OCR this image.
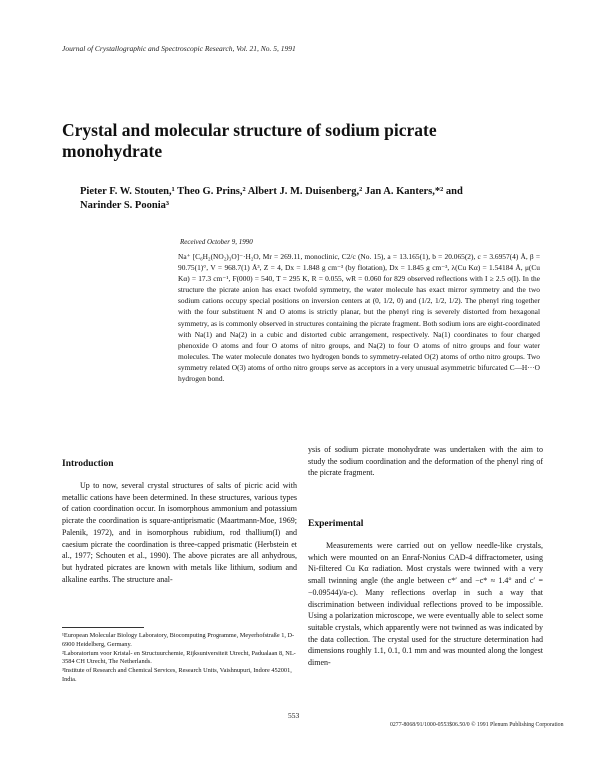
Journal of Crystallographic and Spectroscopic Research, Vol. 21, No. 5, 1991
Crystal and molecular structure of sodium picrate monohydrate
Pieter F. W. Stouten,¹ Theo G. Prins,² Albert J. M. Duisenberg,² Jan A. Kanters,*² and
Narinder S. Poonia³
Received October 9, 1990
Na⁺ [C₆H₂(NO₂)₃O]⁻·H₂O, Mr = 269.11, monoclinic, C2/c (No. 15), a = 13.165(1), b = 20.065(2), c = 3.6957(4) Å, β = 90.75(1)°, V = 968.7(1) Å³, Z = 4, Dx = 1.848 g cm⁻³ (by flotation), Dx = 1.845 g cm⁻³, λ(Cu Kα) = 1.54184 Å, μ(Cu Kα) = 17.3 cm⁻¹, F(000) = 540, T = 295 K, R = 0.055, wR = 0.060 for 829 observed reflections with I ≥ 2.5 σ(I). In the structure the picrate anion has exact twofold symmetry, the water molecule has exact mirror symmetry and the two sodium cations occupy special positions on inversion centers at (0, 1/2, 0) and (1/2, 1/2, 1/2). The phenyl ring together with the four substituent N and O atoms is strictly planar, but the phenyl ring is severely distorted from hexagonal symmetry, as is commonly observed in structures containing the picrate fragment. Both sodium ions are eight-coordinated with Na(1) and Na(2) in a cubic and distorted cubic arrangement, respectively. Na(1) coordinates to four charged phenoxide O atoms and four O atoms of nitro groups, and Na(2) to four O atoms of nitro groups and four water molecules. The water molecule donates two hydrogen bonds to symmetry-related O(2) atoms of ortho nitro groups. Two symmetry related O(3) atoms of ortho nitro groups serve as acceptors in a very unusual asymmetric bifurcated C—H···O hydrogen bond.
Introduction

Up to now, several crystal structures of salts of picric acid with metallic cations have been determined. In these structures, various types of cation coordination occur. In isomorphous ammonium and potassium picrate the coordination is square-antiprismatic (Maartmann-Moe, 1969; Palenik, 1972), and in isomorphous rubidium, rod thallium(I) and caesium picrate the coordination is three-capped prismatic (Herbstein et al., 1977; Schouten et al., 1990). The above picrates are all anhydrous, but hydrated picrates are known with metals like lithium, sodium and alkaline earths. The structure anal-

ysis of sodium picrate monohydrate was undertaken with the aim to study the sodium coordination and the deformation of the phenyl ring of the picrate fragment.

Experimental

Measurements were carried out on yellow needle-like crystals, which were mounted on an Enraf-Nonius CAD-4 diffractometer, using Ni-filtered Cu Kα radiation. Most crystals were twinned with a very small twinning angle (the angle between c*′ and −c* ≈ 1.4° and c′ = −0.09544)/a-c). Many reflections overlap in such a way that discrimination between individual reflections proved to be impossible. Using a polarization microscope, we were eventually able to select some suitable crystals, which apparently were not twinned as was indicated by the data collection. The crystal used for the structure determination had dimensions roughly 1.1, 0.1, 0.1 mm and was mounted along the longest dimen-

¹European Molecular Biology Laboratory, Biocomputing Programme, Meyerhofstraße 1, D-6900 Heidelberg, Germany.
²Laboratorium voor Kristal- en Structuurchemie, Rijksuniversiteit Utrecht, Padualaan 8, NL-3584 CH Utrecht, The Netherlands.
³Institute of Research and Chemical Services, Research Units, Vaishnupuri, Indore 452001, India.
553
0277-8068/91/1000-0553$06.50/0 © 1991 Plenum Publishing Corporation
